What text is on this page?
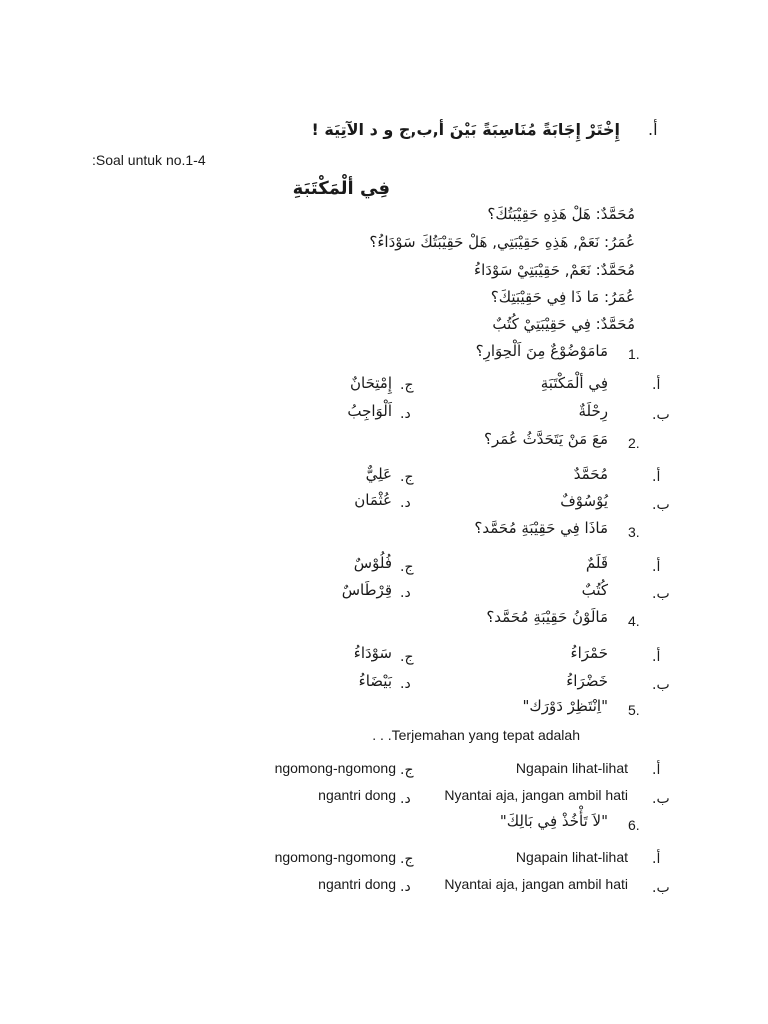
أ.
إِخْتَرْ إِجَابَةً مُنَاسِبَةً بَيْنَ أ,ب,ج و د الآتِيَة !
:Soal untuk no.1-4
فِي ألْمَكْتَبَةِ
مُحَمَّدٌ: هَلْ هَذِهِ حَقِيْبَتُكَ؟
عُمَرُ: نَعَمْ, هَذِهِ حَقِيْبَتِي, هَلْ حَقِيْبَتُكَ سَوْدَاءُ؟
مُحَمَّدٌ: نَعَمْ, حَقِيْبَتِيْ سَوْدَاءُ
عُمَرُ: مَا ذَا فِي حَقِيْبَتِكَ؟
مُحَمَّدٌ: فِي حَقِيْبَتِيْ كُتُبٌ
1.
مَامَوْضُوْعٌ مِنَ اَلْحِوَارِ؟
أ.
فِي ألْمَكْتَبَةِ
ج.
إِمْتِحَانٌ
ب.
رِحْلَةٌ
د.
اَلْوَاجِبُ
2.
مَعَ مَنْ يَتَحَدَّثُ عُمَر؟
أ.
مُحَمَّدٌ
ج.
عَلِيٌّ
ب.
يُوْسُوْفٌ
د.
عُثْمَان
3.
مَاذَا فِي حَقِيْبَةِ مُحَمَّد؟
أ.
قَلَمٌ
ج.
فُلُوْسٌ
ب.
كُتُبٌ
د.
قِرْطَاسٌ
4.
مَالَوْنُ حَقِيْبَةِ مُحَمَّد؟
أ.
حَمْرَاءُ
ج.
سَوْدَاءُ
ب.
خَضْرَاءُ
د.
بَيْضَاءُ
5.
"اِنْتَظِرْ دَوْرَك"
. . .Terjemahan yang tepat adalah
أ.
Ngapain lihat-lihat
ج.
ngomong-ngomong
ب.
Nyantai aja, jangan ambil hati
د.
ngantri dong
6.
"لاَ تَأْخُذْ فِي بَالِكَ"
أ.
Ngapain lihat-lihat
ج.
ngomong-ngomong
ب.
Nyantai aja, jangan ambil hati
د.
ngantri dong
